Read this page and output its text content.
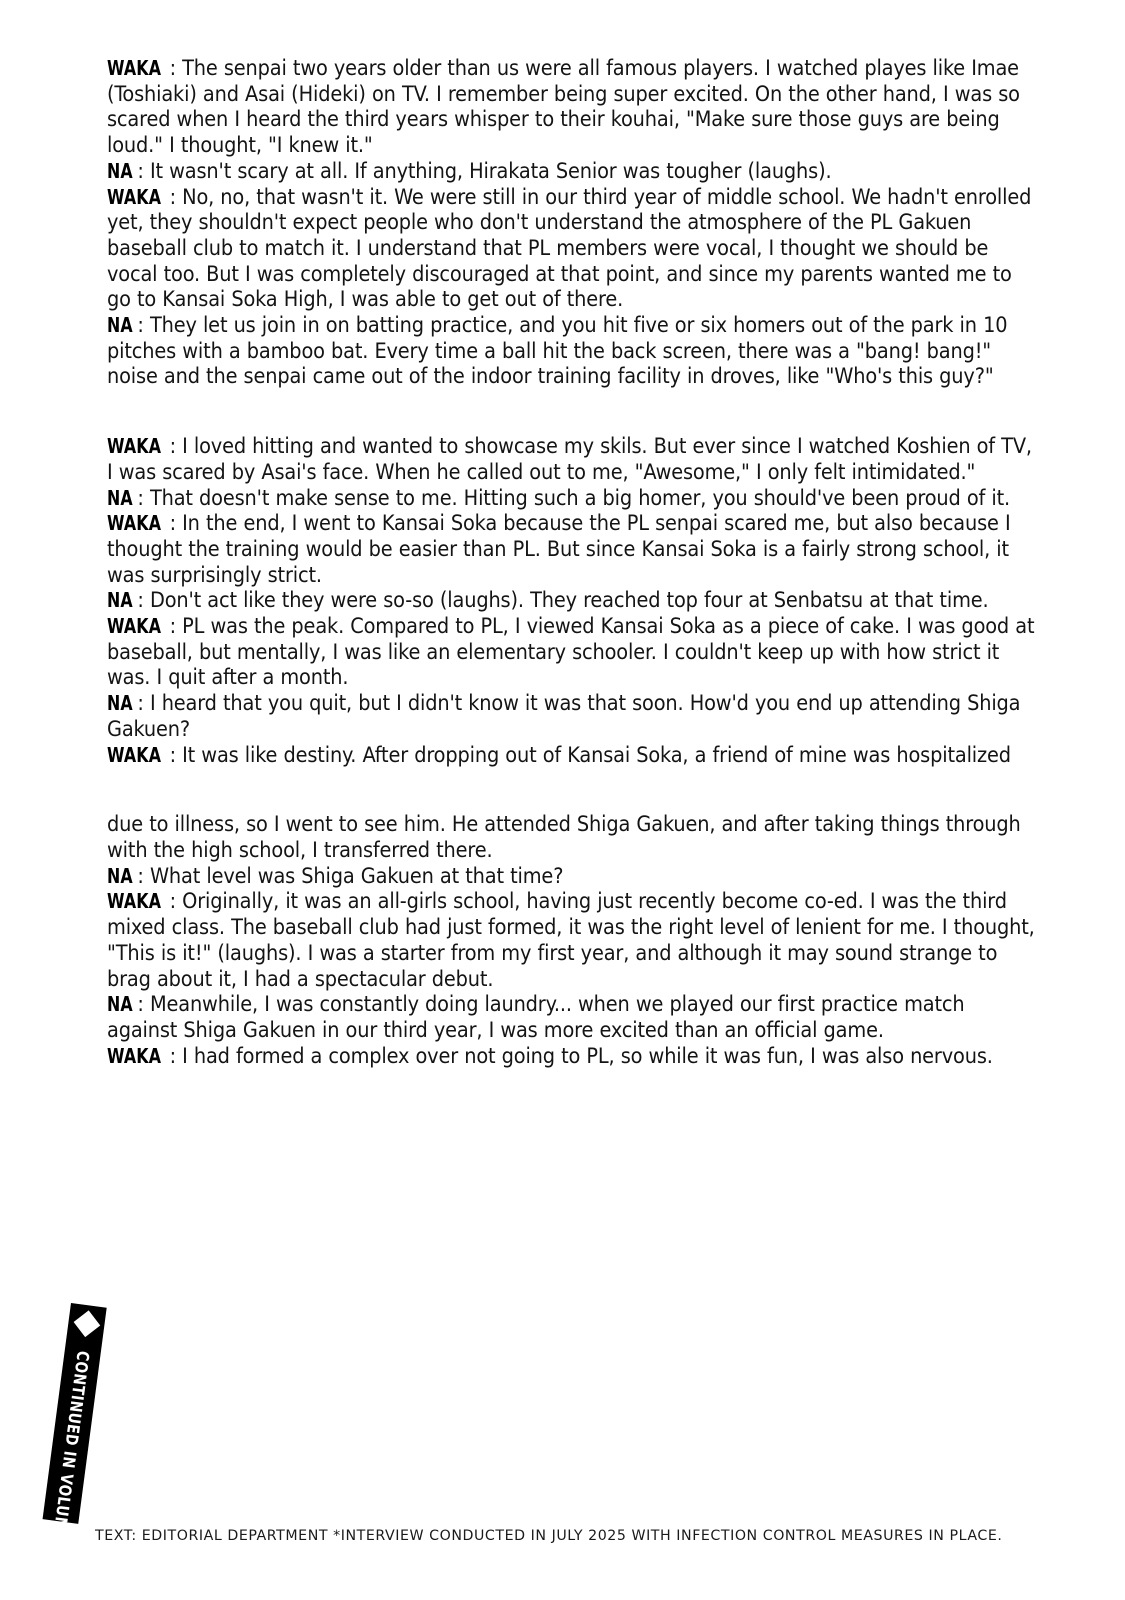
WAKA : The senpai two years older than us were all famous players. I watched playes like Imae (Toshiaki) and Asai (Hideki) on TV. I remember being super excited. On the other hand, I was so scared when I heard the third years whisper to their kouhai, "Make sure those guys are being loud." I thought, "I knew it."

NA : It wasn't scary at all. If anything, Hirakata Senior was tougher (laughs).

WAKA : No, no, that wasn't it. We were still in our third year of middle school. We hadn't enrolled yet, they shouldn't expect people who don't understand the atmosphere of the PL Gakuen baseball club to match it. I understand that PL members were vocal, I thought we should be vocal too. But I was completely discouraged at that point, and since my parents wanted me to go to Kansai Soka High, I was able to get out of there.

NA : They let us join in on batting practice, and you hit five or six homers out of the park in 10 pitches with a bamboo bat. Every time a ball hit the back screen, there was a "bang! bang!" noise and the senpai came out of the indoor training facility in droves, like "Who's this guy?"

WAKA : I loved hitting and wanted to showcase my skils. But ever since I watched Koshien of TV, I was scared by Asai's face. When he called out to me, "Awesome," I only felt intimidated."

NA : That doesn't make sense to me. Hitting such a big homer, you should've been proud of it.

WAKA : In the end, I went to Kansai Soka because the PL senpai scared me, but also because I thought the training would be easier than PL. But since Kansai Soka is a fairly strong school, it was surprisingly strict.

NA : Don't act like they were so-so (laughs). They reached top four at Senbatsu at that time.

WAKA : PL was the peak. Compared to PL, I viewed Kansai Soka as a piece of cake. I was good at baseball, but mentally, I was like an elementary schooler. I couldn't keep up with how strict it was. I quit after a month.

NA : I heard that you quit, but I didn't know it was that soon. How'd you end up attending Shiga Gakuen?

WAKA : It was like destiny. After dropping out of Kansai Soka, a friend of mine was hospitalized

due to illness, so I went to see him. He attended Shiga Gakuen, and after taking things through with the high school, I transferred there.

NA : What level was Shiga Gakuen at that time?

WAKA : Originally, it was an all-girls school, having just recently become co-ed. I was the third mixed class. The baseball club had just formed, it was the right level of lenient for me. I thought, "This is it!" (laughs). I was a starter from my first year, and although it may sound strange to brag about it, I had a spectacular debut.

NA : Meanwhile, I was constantly doing laundry... when we played our first practice match against Shiga Gakuen in our third year, I was more excited than an official game.

WAKA : I had formed a complex over not going to PL, so while it was fun, I was also nervous.

CONTINUED IN VOLUME 46!! TEXT: EDITORIAL DEPARTMENT *INTERVIEW CONDUCTED IN JULY 2025 WITH INFECTION CONTROL MEASURES IN PLACE.
